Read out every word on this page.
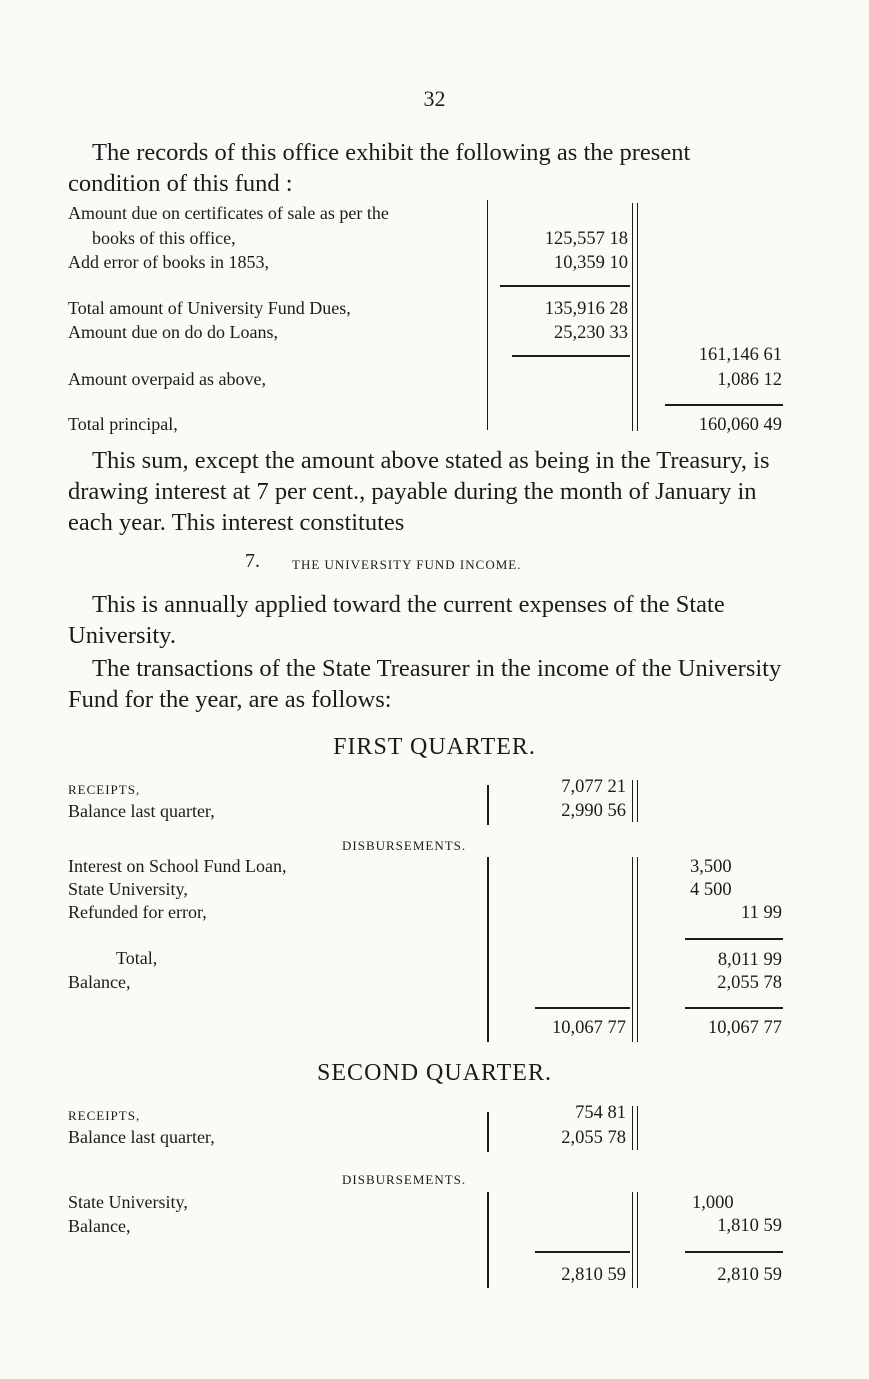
32
The records of this office exhibit the following as the present condition of this fund :
Amount due on certificates of sale as per the
books of this office,	125,557 18
Add error of books in 1853,	10,359 10
Total amount of University Fund Dues,	135,916 28
Amount due on do do Loans,	25,230 33
161,146 61
Amount overpaid as above,	1,086 12
Total principal,	160,060 49
This sum, except the amount above stated as being in the Treasury, is drawing interest at 7 per cent., payable during the month of January in each year. This interest constitutes
7. THE UNIVERSITY FUND INCOME.
This is annually applied toward the current expenses of the State University.
The transactions of the State Treasurer in the income of the University Fund for the year, are as follows:
FIRST QUARTER.
RECEIPTS,	7,077 21
Balance last quarter,	2,990 56
DISBURSEMENTS.
Interest on School Fund Loan,	3,500
State University,	4 500
Refunded for error,	11 99
Total,	8,011 99
Balance,	2,055 78
10,067 77	10,067 77
SECOND QUARTER.
RECEIPTS,	754 81
Balance last quarter,	2,055 78
DISBURSEMENTS.
State University,	1,000
Balance,	1,810 59
2,810 59	2,810 59
